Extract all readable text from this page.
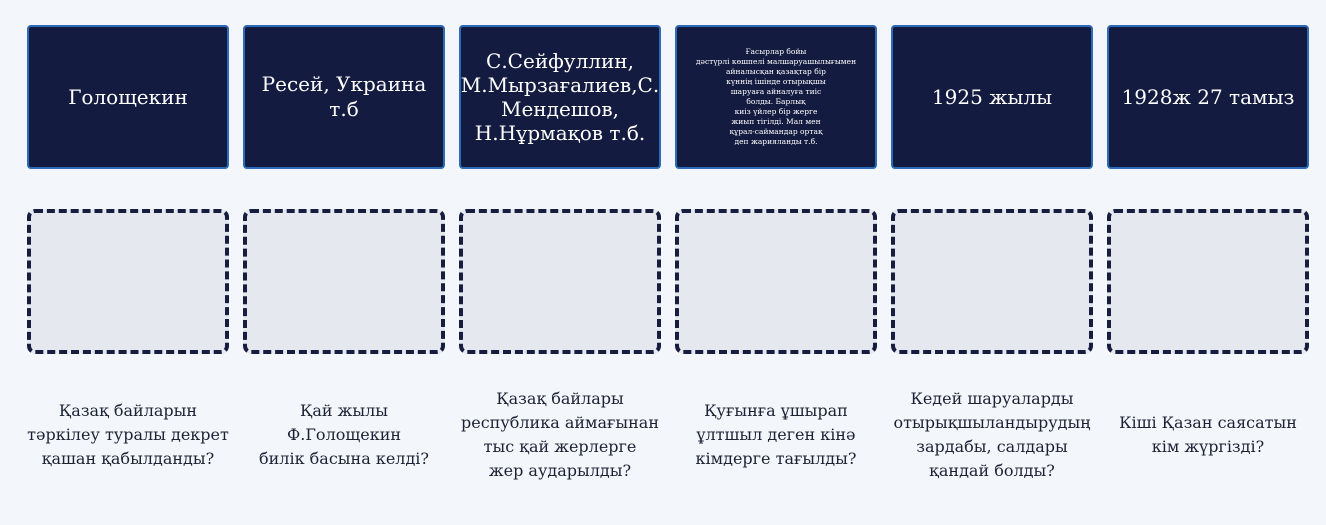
Голощекин
Ресей, Украина т.б
С.Сейфуллин,
М.Мырзағалиев,С.
Мендешов,
Н.Нұрмақов т.б.
Ғасырлар бойы
дәстүрлі көшпелі малшаруашылығымен
айналысқан қазақтар бір
күннің ішінде отырықшы
шаруаға айналуға тиіс
болды. Барлық
киіз үйлер бір жерге
жиып тігілді. Мал мен
құрал-саймандар ортақ
деп жарияланды т.б.
1925 жылы	1928ж 27 тамыз
Қазақ байларын
тәркілеу туралы декрет
қашан қабылданды?
Қай жылы
Ф.Голощекин
билік басына келді?
Қазақ байлары
республика аймағынан
тыс қай жерлерге
жер аударылды?
Қуғынға ұшырап
ұлтшыл деген кінә
кімдерге тағылды?
Кедей шаруаларды
отырықшыландырудың
зардабы, салдары
қандай болды?
Кіші Қазан саясатын
кім жүргізді?
